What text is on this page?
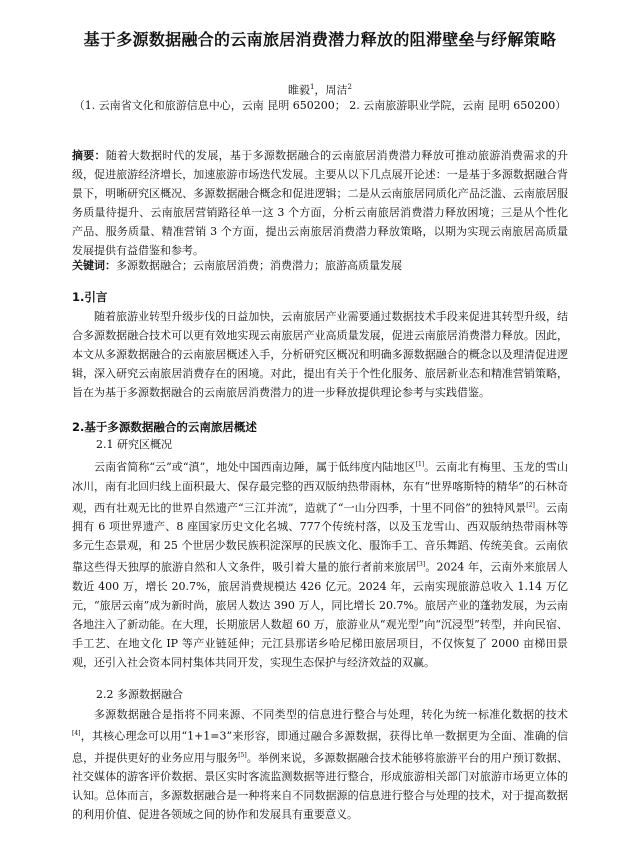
基于多源数据融合的云南旅居消费潜力释放的阻滞壁垒与纾解策略
睢毅$^1$，周洁$^2$
（1. 云南省文化和旅游信息中心，云南 昆明 650200； 2. 云南旅游职业学院，云南 昆明 650200）
摘要：随着大数据时代的发展，基于多源数据融合的云南旅居消费潜力释放可推动旅游消费需求的升级，促进旅游经济增长，加速旅游市场迭代发展。主要从以下几点展开论述：一是基于多源数据融合背景下，明晰研究区概况、多源数据融合概念和促进逻辑；二是从云南旅居同质化产品泛滥、云南旅居服务质量待提升、云南旅居营销路径单一这 3 个方面，分析云南旅居消费潜力释放困境；三是从个性化产品、服务质量、精准营销 3 个方面，提出云南旅居消费潜力释放策略，以期为实现云南旅居高质量发展提供有益借鉴和参考。
关键词：多源数据融合；云南旅居消费；消费潜力；旅游高质量发展
1.引言
随着旅游业转型升级步伐的日益加快，云南旅居产业需要通过数据技术手段来促进其转型升级，结合多源数据融合技术可以更有效地实现云南旅居产业高质量发展，促进云南旅居消费潜力释放。因此，本文从多源数据融合的云南旅居概述入手，分析研究区概况和明确多源数据融合的概念以及理清促进逻辑，深入研究云南旅居消费存在的困境。对此，提出有关于个性化服务、旅居新业态和精准营销策略，旨在为基于多源数据融合的云南旅居消费潜力的进一步释放提供理论参考与实践借鉴。
2.基于多源数据融合的云南旅居概述
2.1 研究区概况
云南省简称“云”或“滇”，地处中国西南边陲，属于低纬度内陆地区[1]。云南北有梅里、玉龙的雪山冰川，南有北回归线上面积最大、保存最完整的西双版纳热带雨林，东有“世界喀斯特的精华”的石林奇观，西有壮观无比的世界自然遗产“三江并流”，造就了“一山分四季，十里不同俗”的独特风景[2]。云南拥有 6 项世界遗产、8 座国家历史文化名城、777个传统村落，以及玉龙雪山、西双版纳热带雨林等多元生态景观，和 25 个世居少数民族积淀深厚的民族文化、服饰手工、音乐舞蹈、传统美食。云南依靠这些得天独厚的旅游自然和人文条件，吸引着大量的旅行者前来旅居[3]。2024 年，云南外来旅居人数近 400 万，增长 20.7%，旅居消费规模达 426 亿元。2024 年，云南实现旅游总收入 1.14 万亿元，“旅居云南”成为新时尚，旅居人数达 390 万人，同比增长 20.7%。旅居产业的蓬勃发展，为云南各地注入了新动能。在大理，长期旅居人数超 60 万，旅游业从“观光型”向“沉浸型”转型，并向民宿、手工艺、在地文化 IP 等产业链延伸；元江县那诺乡哈尼梯田旅居项目，不仅恢复了 2000 亩梯田景观，还引入社会资本同村集体共同开发，实现生态保护与经济效益的双赢。
2.2 多源数据融合
多源数据融合是指将不同来源、不同类型的信息进行整合与处理，转化为统一标准化数据的技术[4]，其核心理念可以用“1+1=3”来形容，即通过融合多源数据，获得比单一数据更为全面、准确的信息，并提供更好的业务应用与服务[5]。举例来说，多源数据融合技术能够将旅游平台的用户预订数据、社交媒体的游客评价数据、景区实时客流监测数据等进行整合，形成旅游相关部门对旅游市场更立体的认知。总体而言，多源数据融合是一种将来自不同数据源的信息进行整合与处理的技术，对于提高数据的利用价值、促进各领域之间的协作和发展具有重要意义。
